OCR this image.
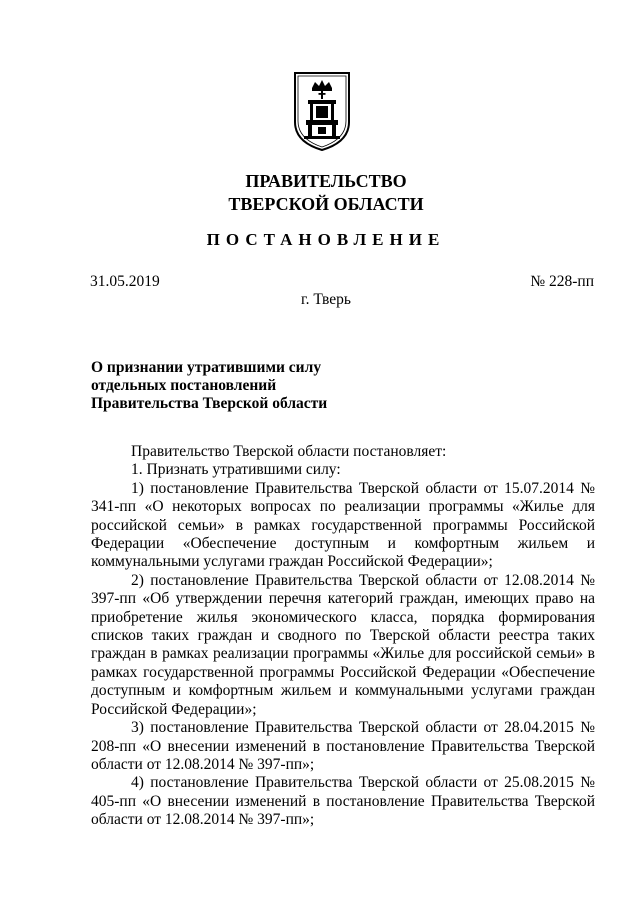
ПРАВИТЕЛЬСТВО
ТВЕРСКОЙ ОБЛАСТИ
ПОСТАНОВЛЕНИЕ
31.05.2019	№ 228-пп
г. Тверь
О признании утратившими силу
отдельных постановлений
Правительства Тверской области

Правительство Тверской области постановляет:

1. Признать утратившими силу:

1) постановление Правительства Тверской области от 15.07.2014 № 341-пп «О некоторых вопросах по реализации программы «Жилье для российской семьи» в рамках государственной программы Российской Федерации «Обеспечение доступным и комфортным жильем и коммунальными услугами граждан Российской Федерации»;

2) постановление Правительства Тверской области от 12.08.2014 № 397-пп «Об утверждении перечня категорий граждан, имеющих право на приобретение жилья экономического класса, порядка формирования списков таких граждан и сводного по Тверской области реестра таких граждан в рамках реализации программы «Жилье для российской семьи» в рамках государственной программы Российской Федерации «Обеспечение доступным и комфортным жильем и коммунальными услугами граждан Российской Федерации»;

3) постановление Правительства Тверской области от 28.04.2015 № 208-пп «О внесении изменений в постановление Правительства Тверской области от 12.08.2014 № 397-пп»;

4) постановление Правительства Тверской области от 25.08.2015 № 405-пп «О внесении изменений в постановление Правительства Тверской области от 12.08.2014 № 397-пп»;
